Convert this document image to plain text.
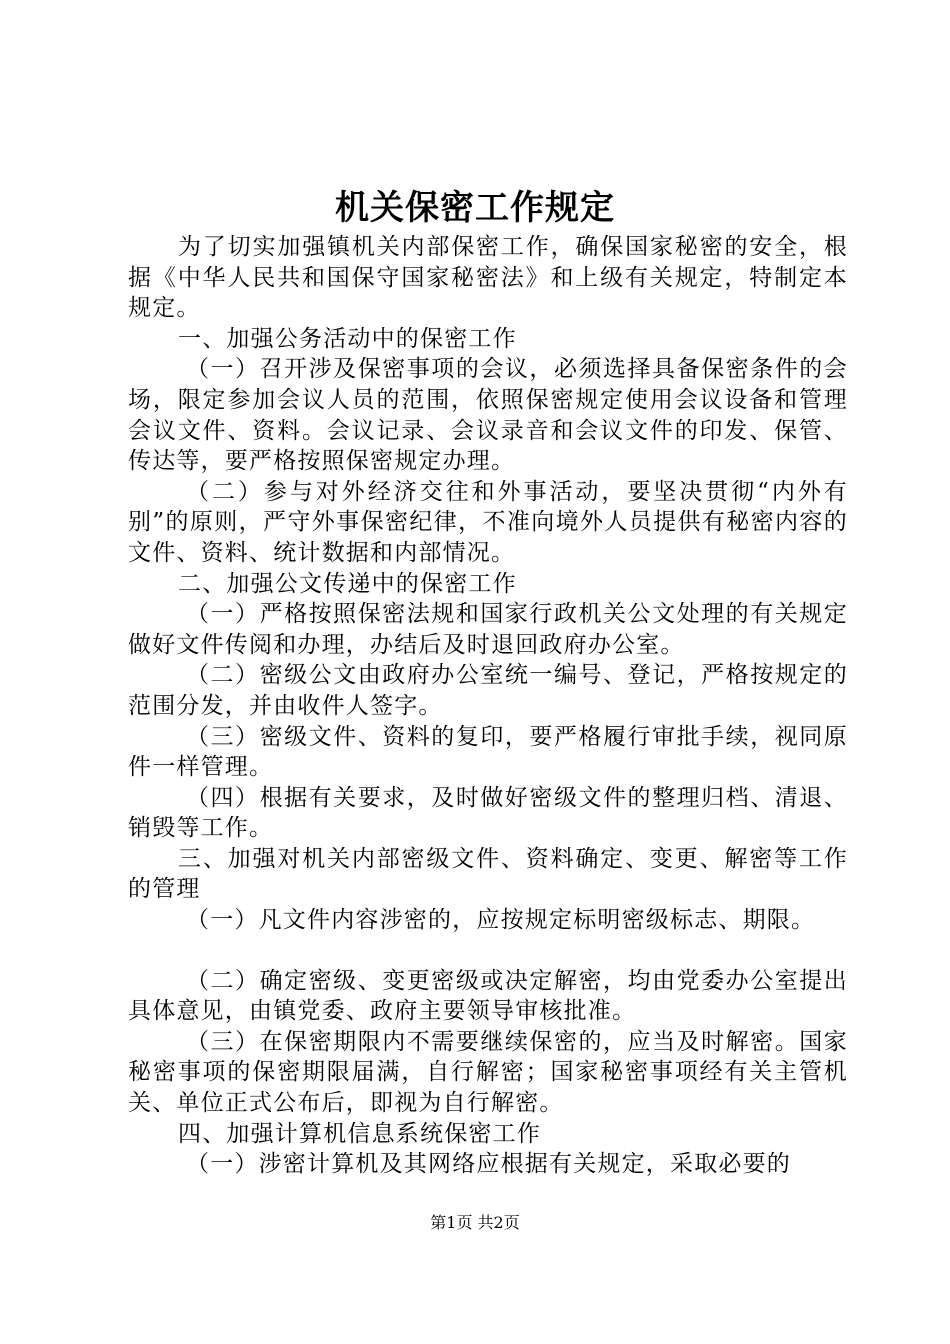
机关保密工作规定

为了切实加强镇机关内部保密工作，确保国家秘密的安全，根据《中华人民共和国保守国家秘密法》和上级有关规定，特制定本规定。

一、加强公务活动中的保密工作

（一）召开涉及保密事项的会议，必须选择具备保密条件的会场，限定参加会议人员的范围，依照保密规定使用会议设备和管理会议文件、资料。会议记录、会议录音和会议文件的印发、保管、传达等，要严格按照保密规定办理。

（二）参与对外经济交往和外事活动，要坚决贯彻“内外有别”的原则，严守外事保密纪律，不准向境外人员提供有秘密内容的文件、资料、统计数据和内部情况。

二、加强公文传递中的保密工作

（一）严格按照保密法规和国家行政机关公文处理的有关规定做好文件传阅和办理，办结后及时退回政府办公室。

（二）密级公文由政府办公室统一编号、登记，严格按规定的范围分发，并由收件人签字。

（三）密级文件、资料的复印，要严格履行审批手续，视同原件一样管理。

（四）根据有关要求，及时做好密级文件的整理归档、清退、销毁等工作。

三、加强对机关内部密级文件、资料确定、变更、解密等工作的管理

（一）凡文件内容涉密的，应按规定标明密级标志、期限。

（二）确定密级、变更密级或决定解密，均由党委办公室提出具体意见，由镇党委、政府主要领导审核批准。

（三）在保密期限内不需要继续保密的，应当及时解密。国家秘密事项的保密期限届满，自行解密；国家秘密事项经有关主管机关、单位正式公布后，即视为自行解密。

四、加强计算机信息系统保密工作

（一）涉密计算机及其网络应根据有关规定，采取必要的

第1页 共2页
